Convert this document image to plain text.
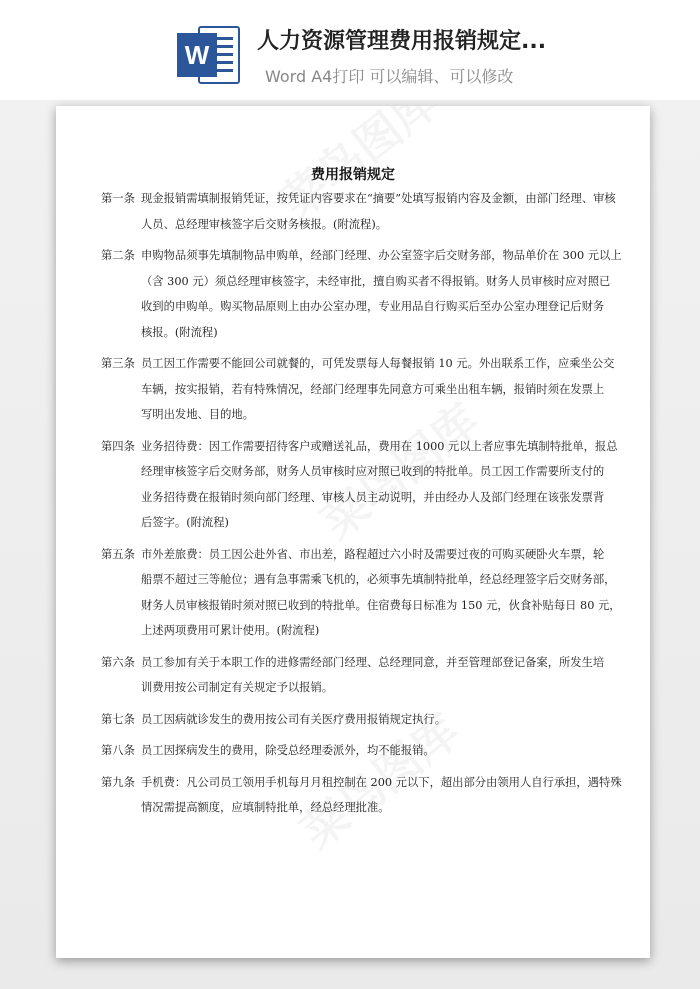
W 人力资源管理费用报销规定...
Word A4打印 可以编辑、可以修改
费用报销规定
第一条 现金报销需填制报销凭证，按凭证内容要求在“摘要”处填写报销内容及金额，由部门经理、审核
人员、总经理审核签字后交财务核报。(附流程)。
第二条 申购物品须事先填制物品申购单，经部门经理、办公室签字后交财务部，物品单价在 300 元以上
（含 300 元）须总经理审核签字，未经审批，擅自购买者不得报销。财务人员审核时应对照已
收到的申购单。购买物品原则上由办公室办理，专业用品自行购买后至办公室办理登记后财务
核报。(附流程)
第三条 员工因工作需要不能回公司就餐的，可凭发票每人每餐报销 10 元。外出联系工作，应乘坐公交
车辆，按实报销，若有特殊情况，经部门经理事先同意方可乘坐出租车辆，报销时须在发票上
写明出发地、目的地。
第四条 业务招待费：因工作需要招待客户或赠送礼品，费用在 1000 元以上者应事先填制特批单，报总
经理审核签字后交财务部，财务人员审核时应对照已收到的特批单。员工因工作需要所支付的
业务招待费在报销时须向部门经理、审核人员主动说明，并由经办人及部门经理在该张发票背
后签字。(附流程)
第五条 市外差旅费：员工因公赴外省、市出差，路程超过六小时及需要过夜的可购买硬卧火车票，轮
船票不超过三等舱位；遇有急事需乘飞机的，必须事先填制特批单，经总经理签字后交财务部，
财务人员审核报销时须对照已收到的特批单。住宿费每日标准为 150 元，伙食补贴每日 80 元，
上述两项费用可累计使用。(附流程)
第六条 员工参加有关于本职工作的进修需经部门经理、总经理同意，并至管理部登记备案，所发生培
训费用按公司制定有关规定予以报销。
第七条 员工因病就诊发生的费用按公司有关医疗费用报销规定执行。
第八条 员工因探病发生的费用，除受总经理委派外，均不能报销。
第九条 手机费：凡公司员工领用手机每月月租控制在 200 元以下，超出部分由领用人自行承担，遇特殊
情况需提高额度，应填制特批单，经总经理批准。
